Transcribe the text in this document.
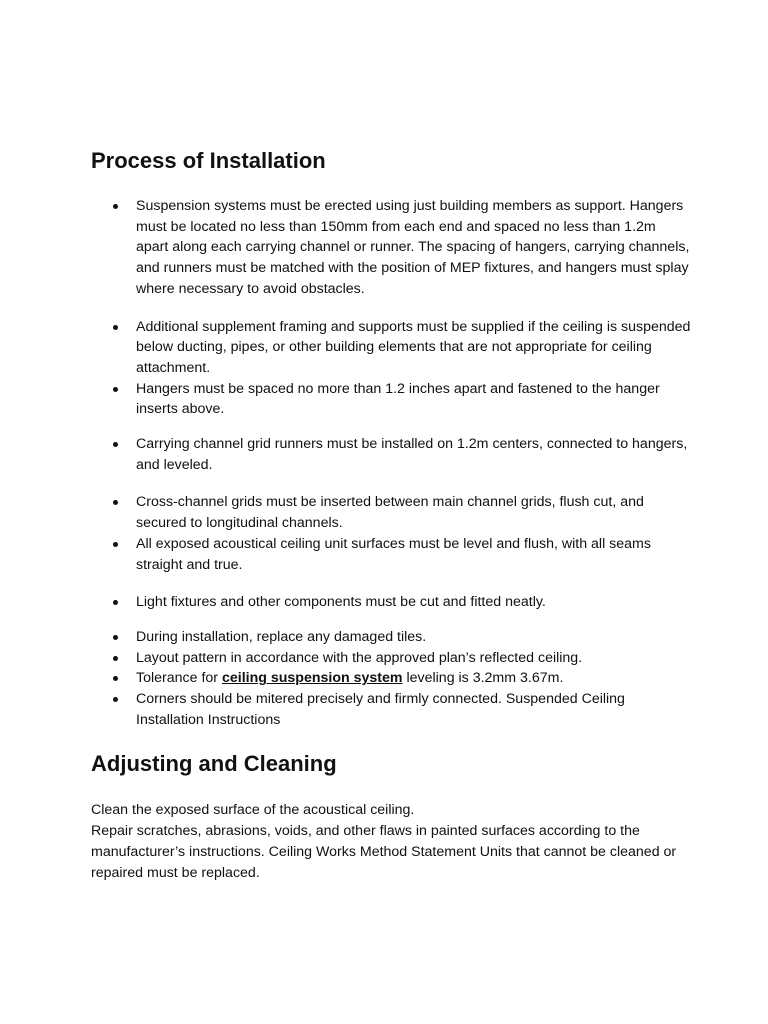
Process of Installation
Suspension systems must be erected using just building members as support. Hangers must be located no less than 150mm from each end and spaced no less than 1.2m apart along each carrying channel or runner. The spacing of hangers, carrying channels, and runners must be matched with the position of MEP fixtures, and hangers must splay where necessary to avoid obstacles.
Additional supplement framing and supports must be supplied if the ceiling is suspended below ducting, pipes, or other building elements that are not appropriate for ceiling attachment.
Hangers must be spaced no more than 1.2 inches apart and fastened to the hanger inserts above.
Carrying channel grid runners must be installed on 1.2m centers, connected to hangers, and leveled.
Cross-channel grids must be inserted between main channel grids, flush cut, and secured to longitudinal channels.
All exposed acoustical ceiling unit surfaces must be level and flush, with all seams straight and true.
Light fixtures and other components must be cut and fitted neatly.
During installation, replace any damaged tiles.
Layout pattern in accordance with the approved plan’s reflected ceiling.
Tolerance for ceiling suspension system leveling is 3.2mm 3.67m.
Corners should be mitered precisely and firmly connected. Suspended Ceiling Installation Instructions
Adjusting and Cleaning

Clean the exposed surface of the acoustical ceiling.

Repair scratches, abrasions, voids, and other flaws in painted surfaces according to the manufacturer’s instructions. Ceiling Works Method Statement Units that cannot be cleaned or repaired must be replaced.
